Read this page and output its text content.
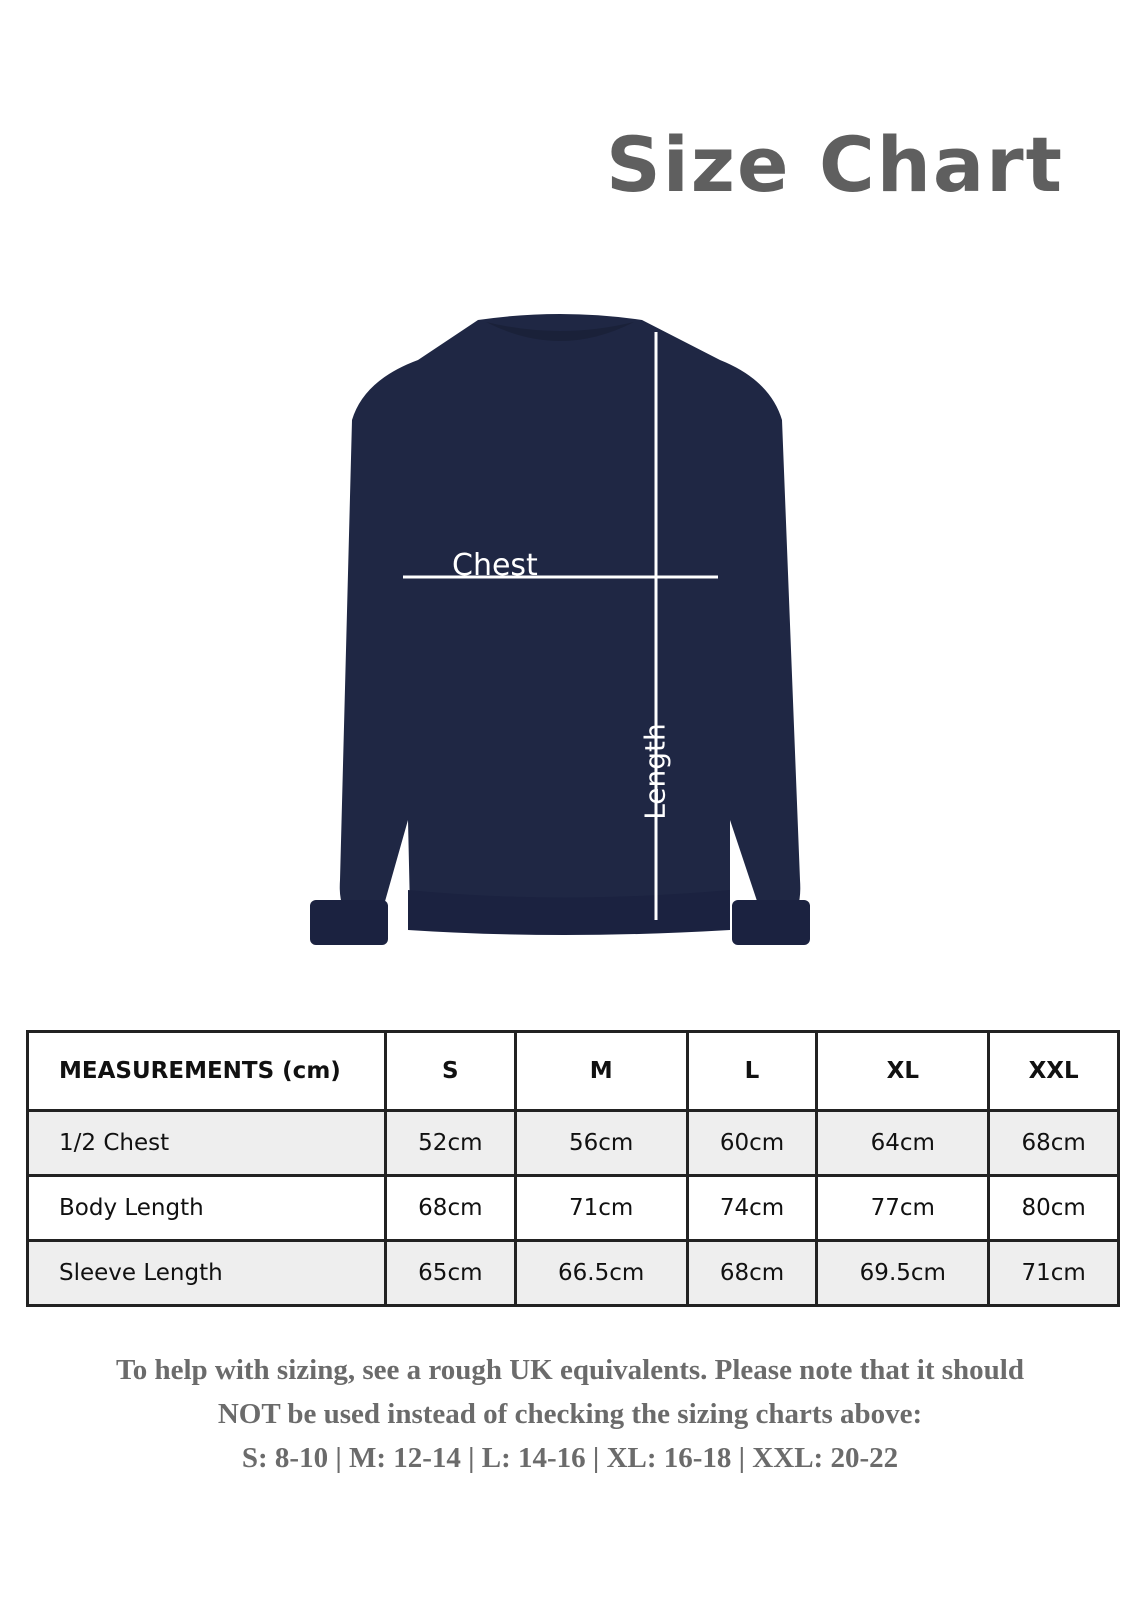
Size Chart
Chest
Length
MEASUREMENTS (cm)	S	M	L	XL	XXL
1/2 Chest	52cm	56cm	60cm	64cm	68cm
Body Length	68cm	71cm	74cm	77cm	80cm
Sleeve Length	65cm	66.5cm	68cm	69.5cm	71cm
To help with sizing, see a rough UK equivalents. Please note that it should
NOT be used instead of checking the sizing charts above:
S: 8-10 | M: 12-14 | L: 14-16 | XL: 16-18 | XXL: 20-22
